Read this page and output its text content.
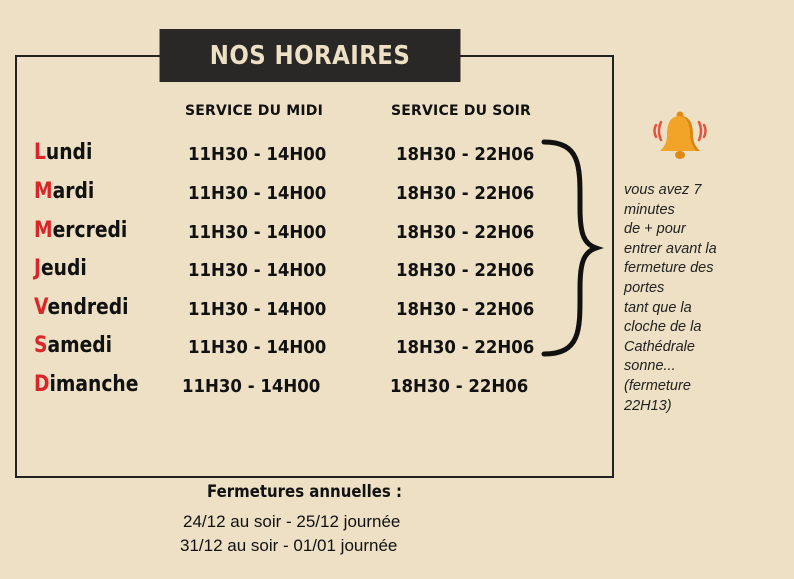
NOS HORAIRES
SERVICE DU MIDI	SERVICE DU SOIR
Lundi	11H30 - 14H00	18H30 - 22H06
Mardi	11H30 - 14H00	18H30 - 22H06
Mercredi	11H30 - 14H00	18H30 - 22H06
Jeudi	11H30 - 14H00	18H30 - 22H06
Vendredi	11H30 - 14H00	18H30 - 22H06
Samedi	11H30 - 14H00	18H30 - 22H06
Dimanche 11H30 - 14H00	18H30 - 22H06
vous avez 7
minutes
de + pour
entrer avant la
fermeture des
portes
tant que la
cloche de la
Cathédrale
sonne...
(fermeture
22H13)
Fermetures annuelles :
24/12 au soir - 25/12 journée
31/12 au soir - 01/01 journée
